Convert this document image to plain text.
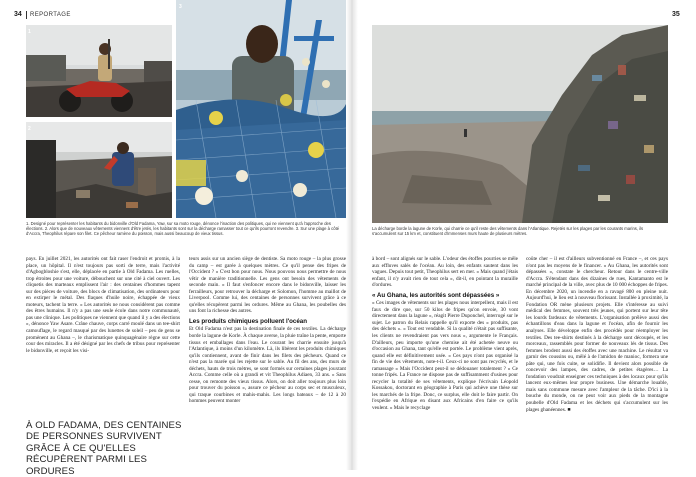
34 REPORTAGE
1
2
3
1. Designé pour représenter les habitants du bidonville d'Old Fadama, Yaw, sur sa moto rouge, dénonce l'inaction des politiques, qui ne viennent qu'à l'approche des élections. 2. Alors que de nouveaux vêtements viennent d'être jetés, les habitants sont sur la décharge ramasser tout ce qu'ils pourront revendre. 3. Sur une plage à côté d'Accra, Theophilus répare son filet. Ce pêcheur ramène du poisson, mais aussi beaucoup de vieux tissus.

pays. En juillet 2021, les autorités ont fait raser l'endroit et promis, à la place, un hôpital. Il n'est toujours pas sorti de terre, mais l'activité d'Agbogbloshie s'est, elle, déplacée en partie à Old Fadama. Les ruelles, trop étroites pour une voiture, débouchent sur une cité à ciel ouvert. Les cliquetis des marteaux emplissent l'air : des centaines d'hommes tapent sur des pièces de voiture, des blocs de climatisation, des ordinateurs pour en extirper le métal. Des flaques d'huile noire, échappée de vieux moteurs, tachent la terre. « Les autorités ne nous considèrent pas comme des êtres humains. Il n'y a pas une seule école dans notre communauté, pas une clinique. Les politiques ne viennent que quand il y a des élections », dénonce Yaw Asare. Crâne chauve, corps carré moulé dans un tee-shirt camouflage, le regard masqué par des lunettes de soleil – peu de gens se promènent au Ghana –, le charismatique quinquagénaire règne sur cette cour des miracles. Il a été désigné par les chefs de tribus pour représenter le bidonville, et reçoit les visi-

À OLD FADAMA, DES CENTAINES DE PERSONNES SURVIVENT GRÂCE À CE QU'ELLES RÉCUPÈRENT PARMI LES ORDURES

teurs assis sur un ancien siège de dentiste. Sa moto rouge – la plus grosse du camp – est garée à quelques mètres. Ce qu'il pense des fripes de l'Occident ? « C'est bon pour nous. Nous pouvons nous permettre de nous vêtir de manière traditionnelle. Les gens ont besoin des vêtements de seconde main. » Il faut s'enfoncer encore dans le bidonville, laisser les ferrailleurs, pour retrouver la décharge et Solomon, l'homme au maillot de Liverpool. Comme lui, des centaines de personnes survivent grâce à ce qu'elles récupèrent parmi les ordures. Même au Ghana, les poubelles des uns font la richesse des autres.

Les produits chimiques polluent l'océan

Et Old Fadama n'est pas la destination finale de ces textiles. La décharge borde la lagune de Korle. À chaque averse, la pluie traîne la pente, emporte tissus et emballages dans l'eau. Le courant les charrie ensuite jusqu'à l'Atlantique, à moins d'un kilomètre. Là, ils libèrent les produits chimiques qu'ils contiennent, avant de finir dans les filets des pêcheurs. Quand ce n'est pas la marée qui les rejette sur le sable. Au fil des ans, des murs de déchets, hauts de trois mètres, se sont formés sur certaines plages jouxtant Accra. Comme celle où a grandi et vit Theophilus Adiaen, 33 ans. « Sans cesse, on remonte des vieux tissus. Alors, on doit aller toujours plus loin pour trouver du poisson », assure ce pêcheur au corps sec et musculeux, qui traque courbines et mahis-mahis. Les longs bateaux – de 12 à 20 hommes peuvent monter

35
La décharge borde la lagune de Korle, qui charrie ce qu'il reste des vêtements dans l'Atlantique. Rejetés sur les plages par les courants marins, ils s'accumulent sur 15 km et, constituent d'immenses murs haute de plusieurs mètres.

à bord – sont alignés sur le sable. L'odeur des étoffes pourries se mêle aux effluves salés de l'océan. Au loin, des enfants sautent dans les vagues. Depuis tout petit, Theophilus sert en mer. « Mais quand j'étais enfant, il n'y avait rien de tout cela », dit-il, en pointant la muraille d'ordures.

« Au Ghana, les autorités sont dépassées »

« Ces images de vêtements sur les plages nous interpellent, mais il est faux de dire que, sur 50 kilos de fripes qu'on envoie, 30 vont directement dans la lagune », réagit Pierre Duponchel, interrogé sur le sujet. Le patron du Relais rappelle qu'il exporte des « produits, pas des déchets ». « Tout est vendable. Si la qualité n'était pas suffisante, les clients ne revendraient pas vers nous », argumente le Français. D'ailleurs, peu importe qu'une chemise ait été achetée neuve ou d'occasion au Ghana, tant qu'elle est portée. Le problème vient après, quand elle est définitivement usée. « Ces pays n'ont pas organisé la fin de vie des vêtements, note-t-il. Ceux-ci ne sont pas recyclés, et le ramassage » Mais l'Occident peut-il se dédouaner totalement ? « Ce tonne fripés. La France ne dispose pas de suffisamment d'usines pour recycler la totalité de ses vêtements, explique l'écrivain Léopold Kossakou, doctorant en géographie à Paris qui achève une thèse sur les marchés de la fripe. Donc, ce surplus, elle doit le faire partir. On l'expédie en Afrique en disant aux Africains d'en faire ce qu'ils veulent. » Mais le recyclage

coûte cher – il est d'ailleurs subventionné en France –, et ces pays n'ont pas les moyens de le financer. « Au Ghana, les autorités sont dépassées », constate le chercheur. Retour dans le centre-ville d'Accra. S'étendant dans des dizaines de rues, Kantamanto est le marché principal de la ville, avec plus de 10 000 échoppes de fripes. En décembre 2020, un incendie en a ravagé 800 en pleine nuit. Aujourd'hui, le lieu est à nouveau florissant. Installée à proximité, la Fondation OR mène plusieurs projets. Elle s'intéresse au suivi médical des femmes, souvent très jeunes, qui portent sur leur tête les lourds fardeaux de vêtements. L'organisation prélève aussi des échantillons d'eau dans la lagune et l'océan, afin de fournir les analyses. Elle développe enfin des procédés pour réemployer les textiles. Des tee-shirts destinés à la décharge sont découpés, et les morceaux, rassemblés pour former de nouveaux lés de tissus. Des femmes brodent aussi des étoffes avec une machine. Le résultat va garnir des coussins ou, mêlé à de l'amidon de manioc, formera une pâte qui, une fois cuite, se solidifie. Il devient alors possible de concevoir des lampes, des cadres, de petites étagères… La fondation voudrait enseigner ces techniques à des locaux pour qu'ils lancent eux-mêmes leur propre business. Une démarche louable, mais sans commune mesure avec l'ampleur de la tâche. D'ici à la bouche du monde, on ne peut voir aux pieds de la montagne poubelle d'Old Fadama et les déchets qui s'accumulent sur les plages ghanéennes. ■
